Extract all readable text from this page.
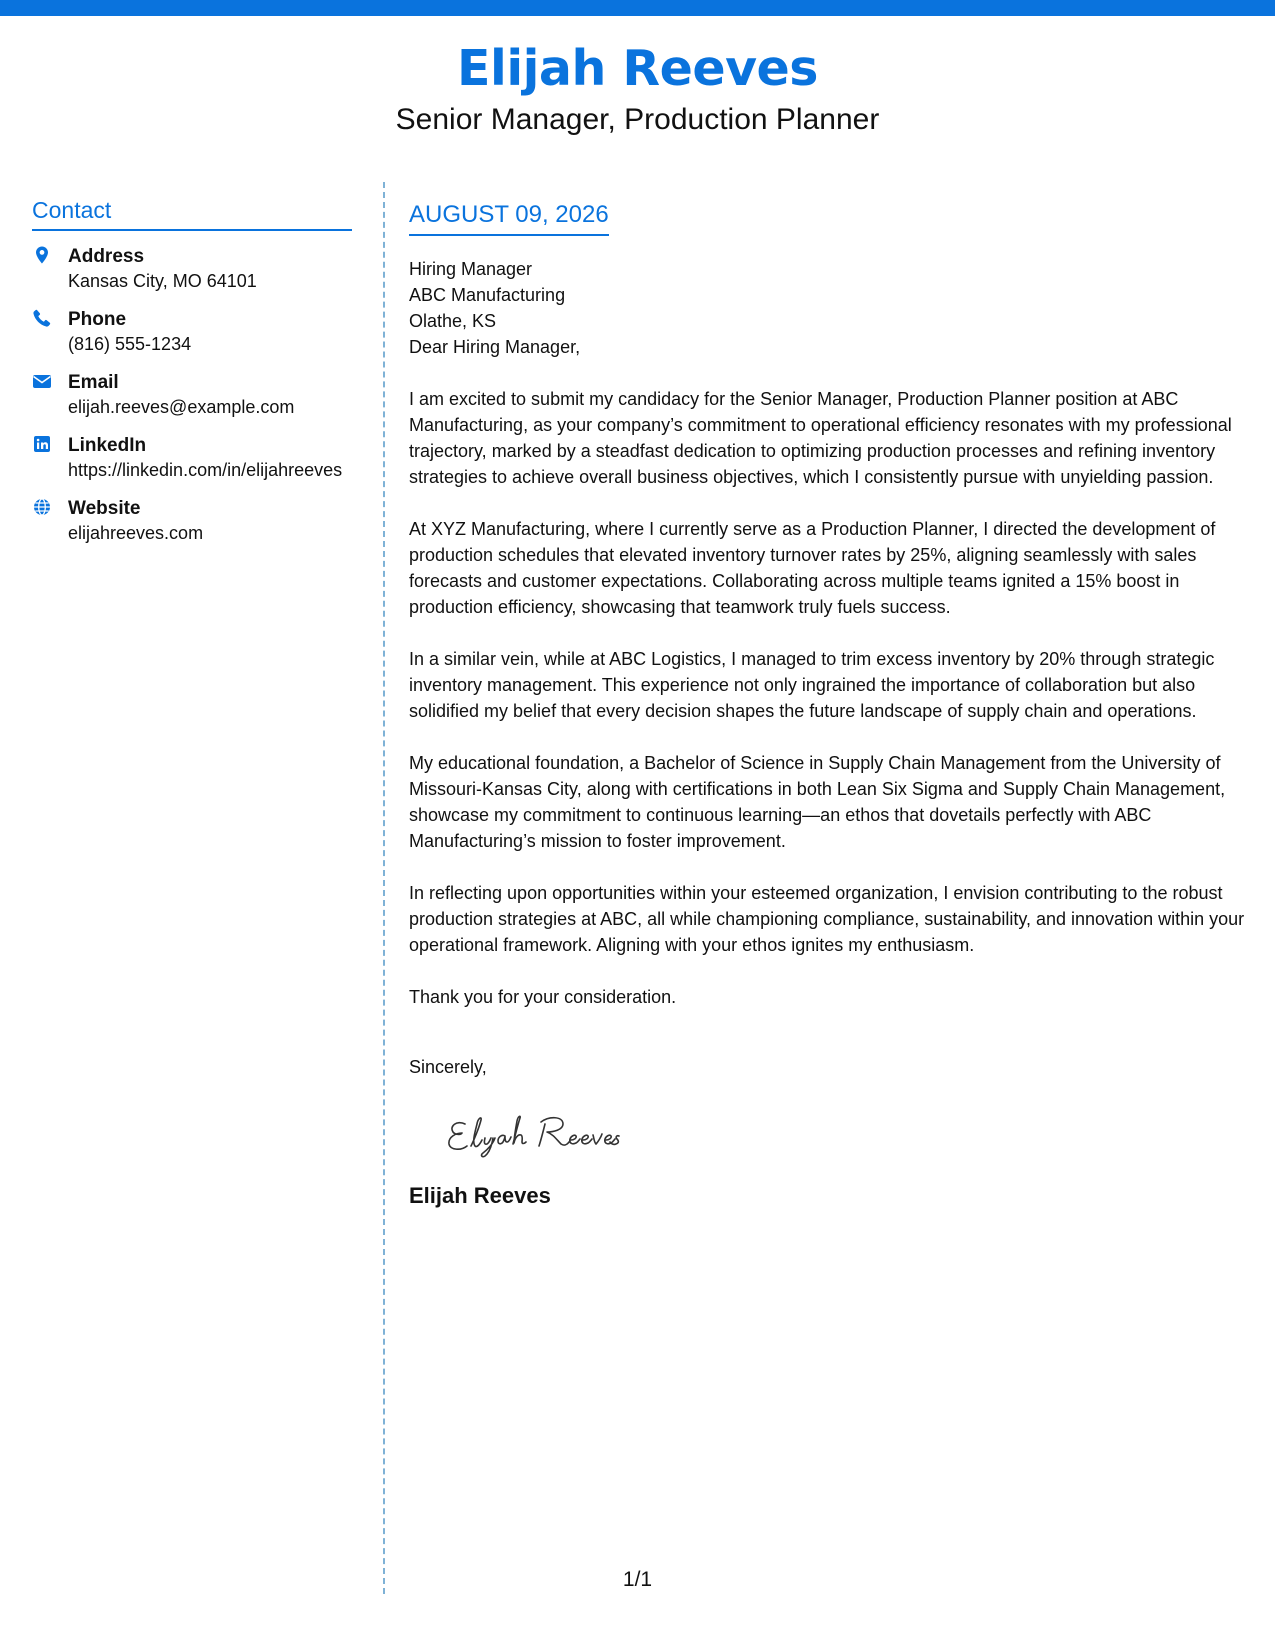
Elijah Reeves
Senior Manager, Production Planner
Contact
Address
Kansas City, MO 64101
Phone
(816) 555-1234
Email
elijah.reeves@example.com
LinkedIn
https://linkedin.com/in/elijahreeves
Website
elijahreeves.com
AUGUST 09, 2026
Hiring Manager
ABC Manufacturing
Olathe, KS

Dear Hiring Manager,

I am excited to submit my candidacy for the Senior Manager, Production Planner position at ABC Manufacturing, as your company’s commitment to operational efficiency resonates with my professional trajectory, marked by a steadfast dedication to optimizing production processes and refining inventory strategies to achieve overall business objectives, which I consistently pursue with unyielding passion.

At XYZ Manufacturing, where I currently serve as a Production Planner, I directed the development of production schedules that elevated inventory turnover rates by 25%, aligning seamlessly with sales forecasts and customer expectations. Collaborating across multiple teams ignited a 15% boost in production efficiency, showcasing that teamwork truly fuels success.

In a similar vein, while at ABC Logistics, I managed to trim excess inventory by 20% through strategic inventory management. This experience not only ingrained the importance of collaboration but also solidified my belief that every decision shapes the future landscape of supply chain and operations.

My educational foundation, a Bachelor of Science in Supply Chain Management from the University of Missouri-Kansas City, along with certifications in both Lean Six Sigma and Supply Chain Management, showcase my commitment to continuous learning—an ethos that dovetails perfectly with ABC Manufacturing’s mission to foster improvement.

In reflecting upon opportunities within your esteemed organization, I envision contributing to the robust production strategies at ABC, all while championing compliance, sustainability, and innovation within your operational framework. Aligning with your ethos ignites my enthusiasm.

Thank you for your consideration.

Sincerely,
Elijah Reeves
1/1
